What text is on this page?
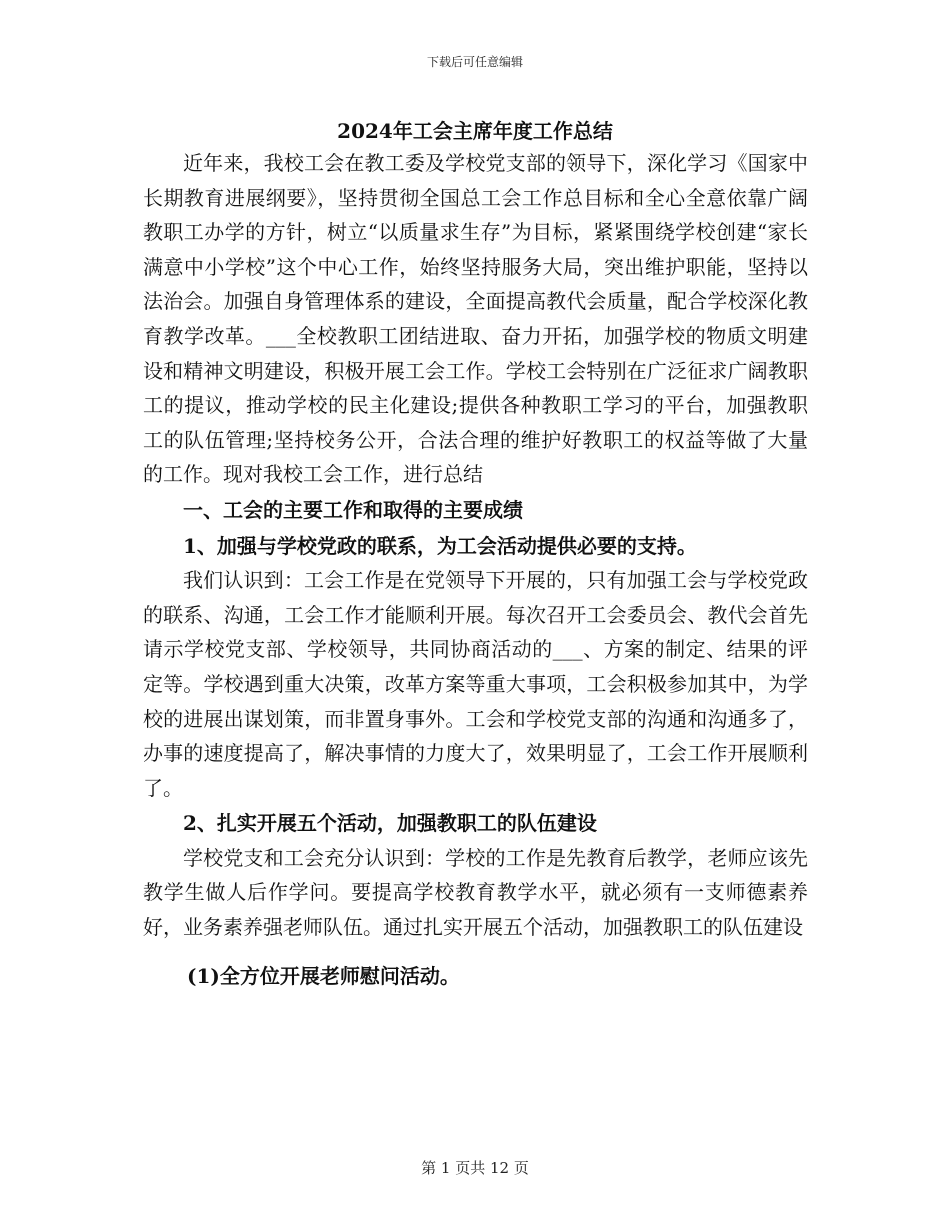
下载后可任意编辑
2024年工会主席年度工作总结

近年来，我校工会在教工委及学校党支部的领导下，深化学习《国家中长期教育进展纲要》，坚持贯彻全国总工会工作总目标和全心全意依靠广阔教职工办学的方针，树立“以质量求生存”为目标，紧紧围绕学校创建“家长满意中小学校”这个中心工作，始终坚持服务大局，突出维护职能，坚持以法治会。加强自身管理体系的建设，全面提高教代会质量，配合学校深化教育教学改革。___全校教职工团结进取、奋力开拓，加强学校的物质文明建设和精神文明建设，积极开展工会工作。学校工会特别在广泛征求广阔教职工的提议，推动学校的民主化建设;提供各种教职工学习的平台，加强教职工的队伍管理;坚持校务公开，合法合理的维护好教职工的权益等做了大量的工作。现对我校工会工作，进行总结

一、工会的主要工作和取得的主要成绩

1、加强与学校党政的联系，为工会活动提供必要的支持。

我们认识到：工会工作是在党领导下开展的，只有加强工会与学校党政的联系、沟通，工会工作才能顺利开展。每次召开工会委员会、教代会首先请示学校党支部、学校领导，共同协商活动的___、方案的制定、结果的评定等。学校遇到重大决策，改革方案等重大事项，工会积极参加其中，为学校的进展出谋划策，而非置身事外。工会和学校党支部的沟通和沟通多了，办事的速度提高了，解决事情的力度大了，效果明显了，工会工作开展顺利了。

2、扎实开展五个活动，加强教职工的队伍建设

学校党支和工会充分认识到：学校的工作是先教育后教学，老师应该先教学生做人后作学问。要提高学校教育教学水平，就必须有一支师德素养好，业务素养强老师队伍。通过扎实开展五个活动，加强教职工的队伍建设

(1)全方位开展老师慰问活动。

第 1 页共 12 页
